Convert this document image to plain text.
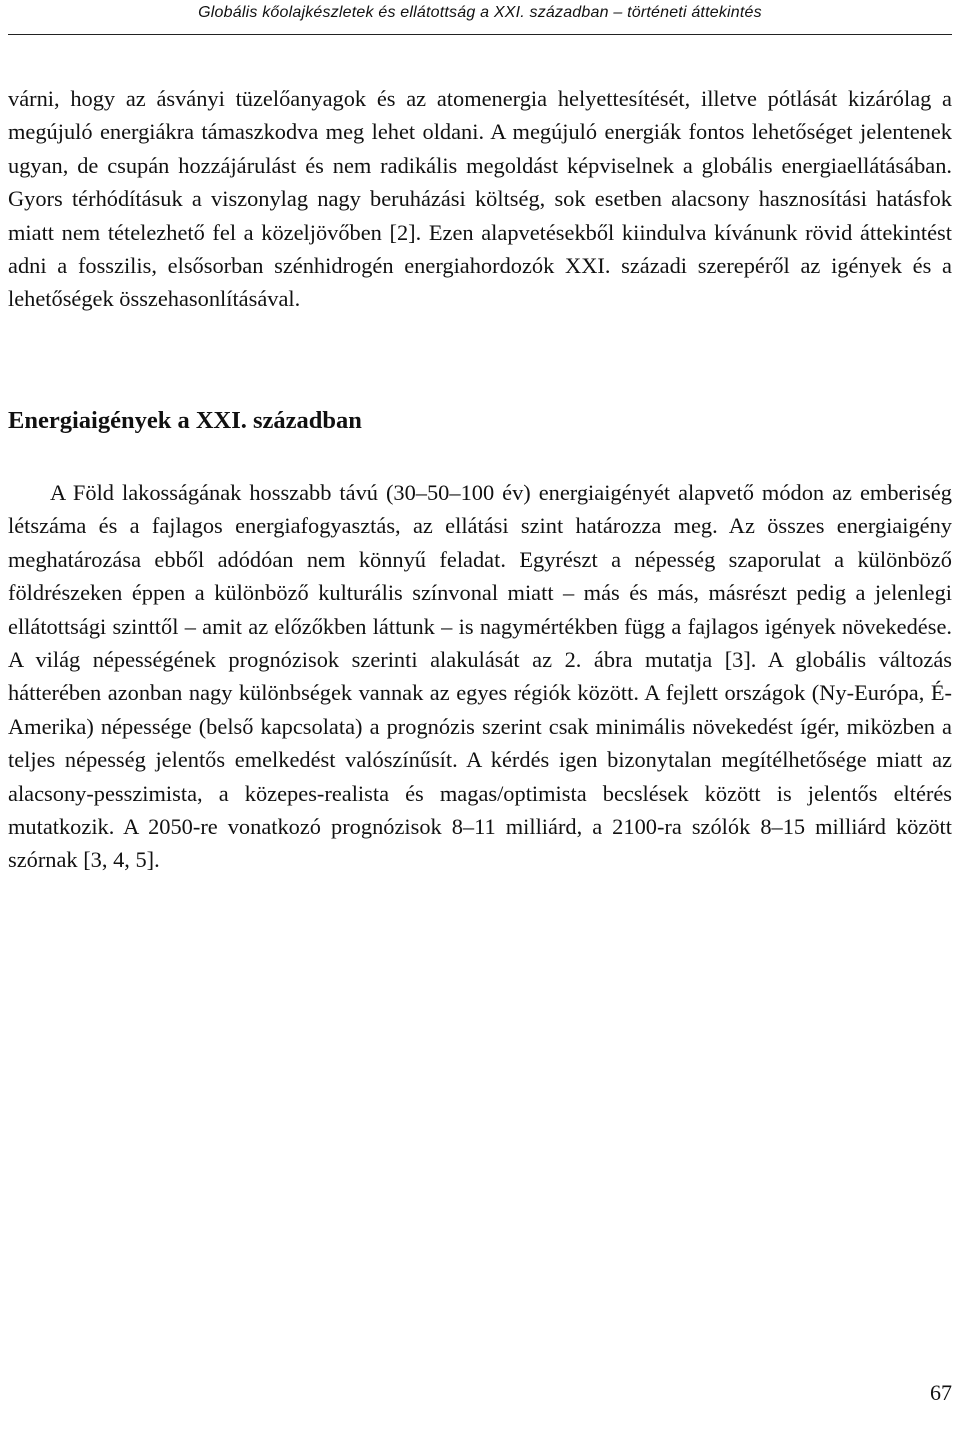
Globális kőolajkészletek és ellátottság a XXI. században – történeti áttekintés

várni, hogy az ásványi tüzelőanyagok és az atomenergia helyettesítését, illetve pótlását kizárólag a megújuló energiákra támaszkodva meg lehet oldani. A megújuló energiák fontos lehetőséget jelentenek ugyan, de csupán hozzájárulást és nem radikális megoldást képviselnek a globális energiaellátásában. Gyors térhódításuk a viszonylag nagy beruházási költség, sok esetben alacsony hasznosítási hatásfok miatt nem tételezhető fel a közeljövőben [2]. Ezen alapvetésekből kiindulva kívánunk rövid áttekintést adni a fosszilis, elsősorban szénhidrogén energiahordozók XXI. századi szerepéről az igények és a lehetőségek összehasonlításával.

Energiaigények a XXI. században

A Föld lakosságának hosszabb távú (30–50–100 év) energiaigényét alapvető módon az emberiség létszáma és a fajlagos energiafogyasztás, az ellátási szint határozza meg. Az összes energiaigény meghatározása ebből adódóan nem könnyű feladat. Egyrészt a népesség szaporulat a különböző földrészeken éppen a különböző kulturális színvonal miatt – más és más, másrészt pedig a jelenlegi ellátottsági szinttől – amit az előzőkben láttunk – is nagymértékben függ a fajlagos igények növekedése. A világ népességének prognózisok szerinti alakulását az 2. ábra mutatja [3]. A globális változás hátterében azonban nagy különbségek vannak az egyes régiók között. A fejlett országok (Ny-Európa, É-Amerika) népessége (belső kapcsolata) a prognózis szerint csak minimális növekedést ígér, miközben a teljes népesség jelentős emelkedést valószínűsít. A kérdés igen bizonytalan megítélhetősége miatt az alacsony-pesszimista, a közepes-realista és magas/optimista becslések között is jelentős eltérés mutatkozik. A 2050-re vonatkozó prognózisok 8–11 milliárd, a 2100-ra szólók 8–15 milliárd között szórnak [3, 4, 5].

67
